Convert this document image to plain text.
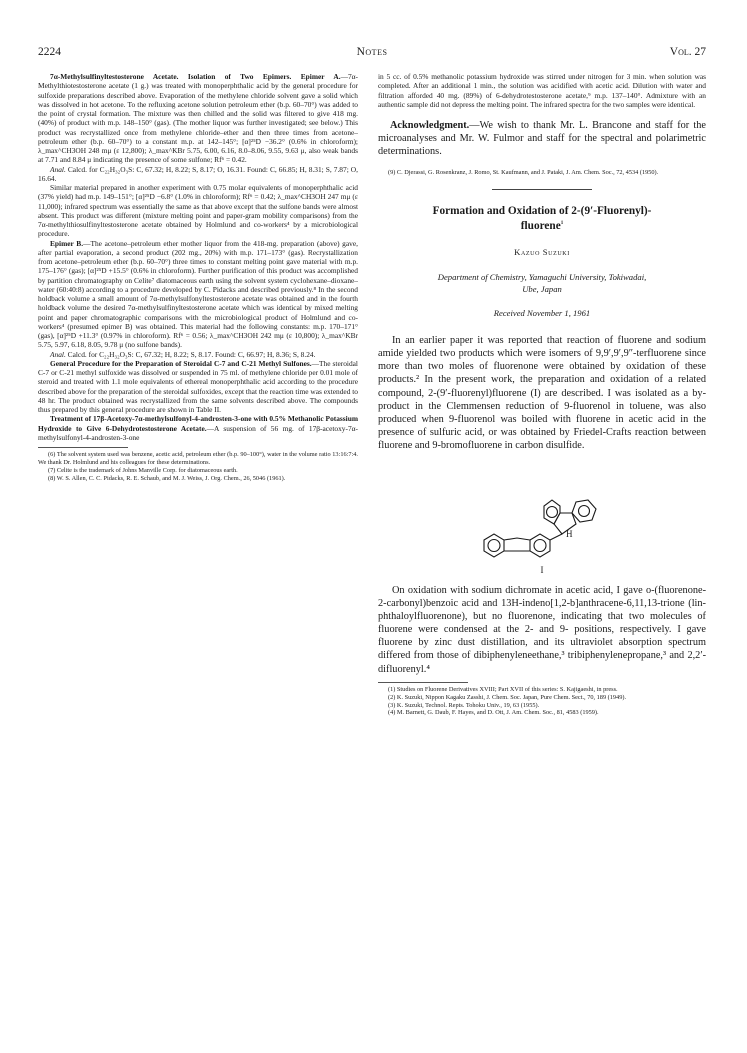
2224	Notes	Vol. 27

7α-Methylsulfinyltestosterone Acetate. Isolation of Two Epimers. Epimer A.—7α-Methylthiotestosterone acetate (1 g.) was treated with monoperphthalic acid by the general procedure for sulfoxide preparations described above. Evaporation of the methylene chloride solvent gave a solid which was dissolved in hot acetone. To the refluxing acetone solution petroleum ether (b.p. 60–70°) was added to the point of crystal formation. The mixture was then chilled and the solid was filtered to give 418 mg. (40%) of product with m.p. 148–150° (gas). (The mother liquor was further investigated; see below.) This product was recrystallized once from methylene chloride–ether and then three times from acetone–petroleum ether (b.p. 60–70°) to a constant m.p. at 142–145°; [α]²⁵D −36.2° (0.6% in chloroform); λ_max^CH3OH 248 mμ (ε 12,800); λ_max^KBr 5.75, 6.00, 6.16, 8.0–8.06, 9.55, 9.63 μ, also weak bands at 7.71 and 8.84 μ indicating the presence of some sulfone; Rf⁶ = 0.42.

Anal. Calcd. for C₂₂H₃₂O₃S: C, 67.32; H, 8.22; S, 8.17; O, 16.31. Found: C, 66.85; H, 8.31; S, 7.87; O, 16.64.

Similar material prepared in another experiment with 0.75 molar equivalents of monoperphthalic acid (37% yield) had m.p. 149–151°; [α]²⁵D −6.8° (1.0% in chloroform); Rf⁶ = 0.42; λ_max^CH3OH 247 mμ (ε 11,000); infrared spectrum was essentially the same as that above except that the sulfone bands were almost absent. This product was different (mixture melting point and paper-gram mobility comparisons) from the 7α-methylthiosulfinyltestosterone acetate obtained by Holmlund and co-workers⁴ by a microbiological procedure.

Epimer B.—The acetone–petroleum ether mother liquor from the 418-mg. preparation (above) gave, after partial evaporation, a second product (202 mg., 20%) with m.p. 171–173° (gas). Recrystallization from acetone–petroleum ether (b.p. 60–70°) three times to constant melting point gave material with m.p. 175–176° (gas); [α]²⁵D +15.5° (0.6% in chloroform). Further purification of this product was accomplished by partition chromatography on Celite⁷ diatomaceous earth using the solvent system cyclohexane–dioxane–water (60:40:8) according to a procedure developed by C. Pidacks and described previously.⁸ In the second holdback volume a small amount of 7α-methylsulfonyltestosterone acetate was obtained and in the fourth holdback volume the desired 7α-methylsulfinyltestosterone acetate which was identical by mixed melting point and paper chromatographic comparisons with the microbiological product of Holmlund and co-workers⁴ (presumed epimer B) was obtained. This material had the following constants: m.p. 170–171° (gas), [α]²⁵D +11.3° (0.97% in chloroform). Rf⁶ = 0.56; λ_max^CH3OH 242 mμ (ε 10,800); λ_max^KBr 5.75, 5.97, 6.18, 8.05, 9.78 μ (no sulfone bands).

Anal. Calcd. for C₂₂H₃₂O₃S: C, 67.32; H, 8.22; S, 8.17. Found: C, 66.97; H, 8.36; S, 8.24.

General Procedure for the Preparation of Steroidal C-7 and C-21 Methyl Sulfones.—The steroidal C-7 or C-21 methyl sulfoxide was dissolved or suspended in 75 ml. of methylene chloride per 0.01 mole of steroid and treated with 1.1 mole equivalents of ethereal monoperphthalic acid according to the procedure described above for the preparation of the steroidal sulfoxides, except that the reaction time was extended to 48 hr. The product obtained was recrystallized from the same solvents described above. The compounds thus prepared by this general procedure are shown in Table II.

Treatment of 17β-Acetoxy-7α-methylsulfonyl-4-androsten-3-one with 0.5% Methanolic Potassium Hydroxide to Give 6-Dehydrotestosterone Acetate.—A suspension of 56 mg. of 17β-acetoxy-7α-methylsulfonyl-4-androsten-3-one

(6) The solvent system used was benzene, acetic acid, petroleum ether (b.p. 90–100°), water in the volume ratio 13:16:7:4. We thank Dr. Holmlund and his colleagues for these determinations.

(7) Celite is the trademark of Johns Manville Corp. for diatomaceous earth.

(8) W. S. Allen, C. C. Pidacks, R. E. Schaub, and M. J. Weiss, J. Org. Chem., 26, 5046 (1961).

in 5 cc. of 0.5% methanolic potassium hydroxide was stirred under nitrogen for 3 min. when solution was completed. After an additional 1 min., the solution was acidified with acetic acid. Dilution with water and filtration afforded 40 mg. (89%) of 6-dehydrotestosterone acetate,⁹ m.p. 137–140°. Admixture with an authentic sample did not depress the melting point. The infrared spectra for the two samples were identical.

Acknowledgment.—We wish to thank Mr. L. Brancone and staff for the microanalyses and Mr. W. Fulmor and staff for the spectral and polarimetric determinations.

(9) C. Djerassi, G. Rosenkranz, J. Romo, St. Kaufmann, and J. Pataki, J. Am. Chem. Soc., 72, 4534 (1950).

Formation and Oxidation of 2-(9′-Fluorenyl)-
fluorene$^1$
Kazuo Suzuki
Department of Chemistry, Yamaguchi University, Tokiwadai,
Ube, Japan
Received November 1, 1961

In an earlier paper it was reported that reaction of fluorene and sodium amide yielded two products which were isomers of 9,9′,9′,9″-terfluorene since more than two moles of fluorenone were obtained by oxidation of these products.² In the present work, the preparation and oxidation of a related compound, 2-(9′-fluorenyl)fluorene (I) are described. I was isolated as a by-product in the Clemmensen reduction of 9-fluorenol in toluene, was also produced when 9-fluorenol was boiled with fluorene in acetic acid in the presence of sulfuric acid, or was obtained by Friedel-Crafts reaction between fluorene and 9-bromofluorene in carbon disulfide.

H
I

On oxidation with sodium dichromate in acetic acid, I gave o-(fluorenone-2-carbonyl)benzoic acid and 13H-indeno[1,2-b]anthracene-6,11,13-trione (lin-phthaloylfluorenone), but no fluorenone, indicating that two molecules of fluorene were condensed at the 2- and 9- positions, respectively. I gave fluorene by zinc dust distillation, and its ultraviolet absorption spectrum differed from those of dibiphenyleneethane,³ tribiphenylenepropane,³ and 2,2′-difluorenyl.⁴

(1) Studies on Fluorene Derivatives XVIII; Part XVII of this series: S. Kajigaeshi, in press.

(2) K. Suzuki, Nippon Kagaku Zasshi, J. Chem. Soc. Japan, Pure Chem. Sect., 70, 189 (1949).

(3) K. Suzuki, Technol. Repts. Tohoku Univ., 19, 63 (1955).

(4) M. Barnett, G. Daub, F. Hayes, and D. Ott, J. Am. Chem. Soc., 81, 4583 (1959).
